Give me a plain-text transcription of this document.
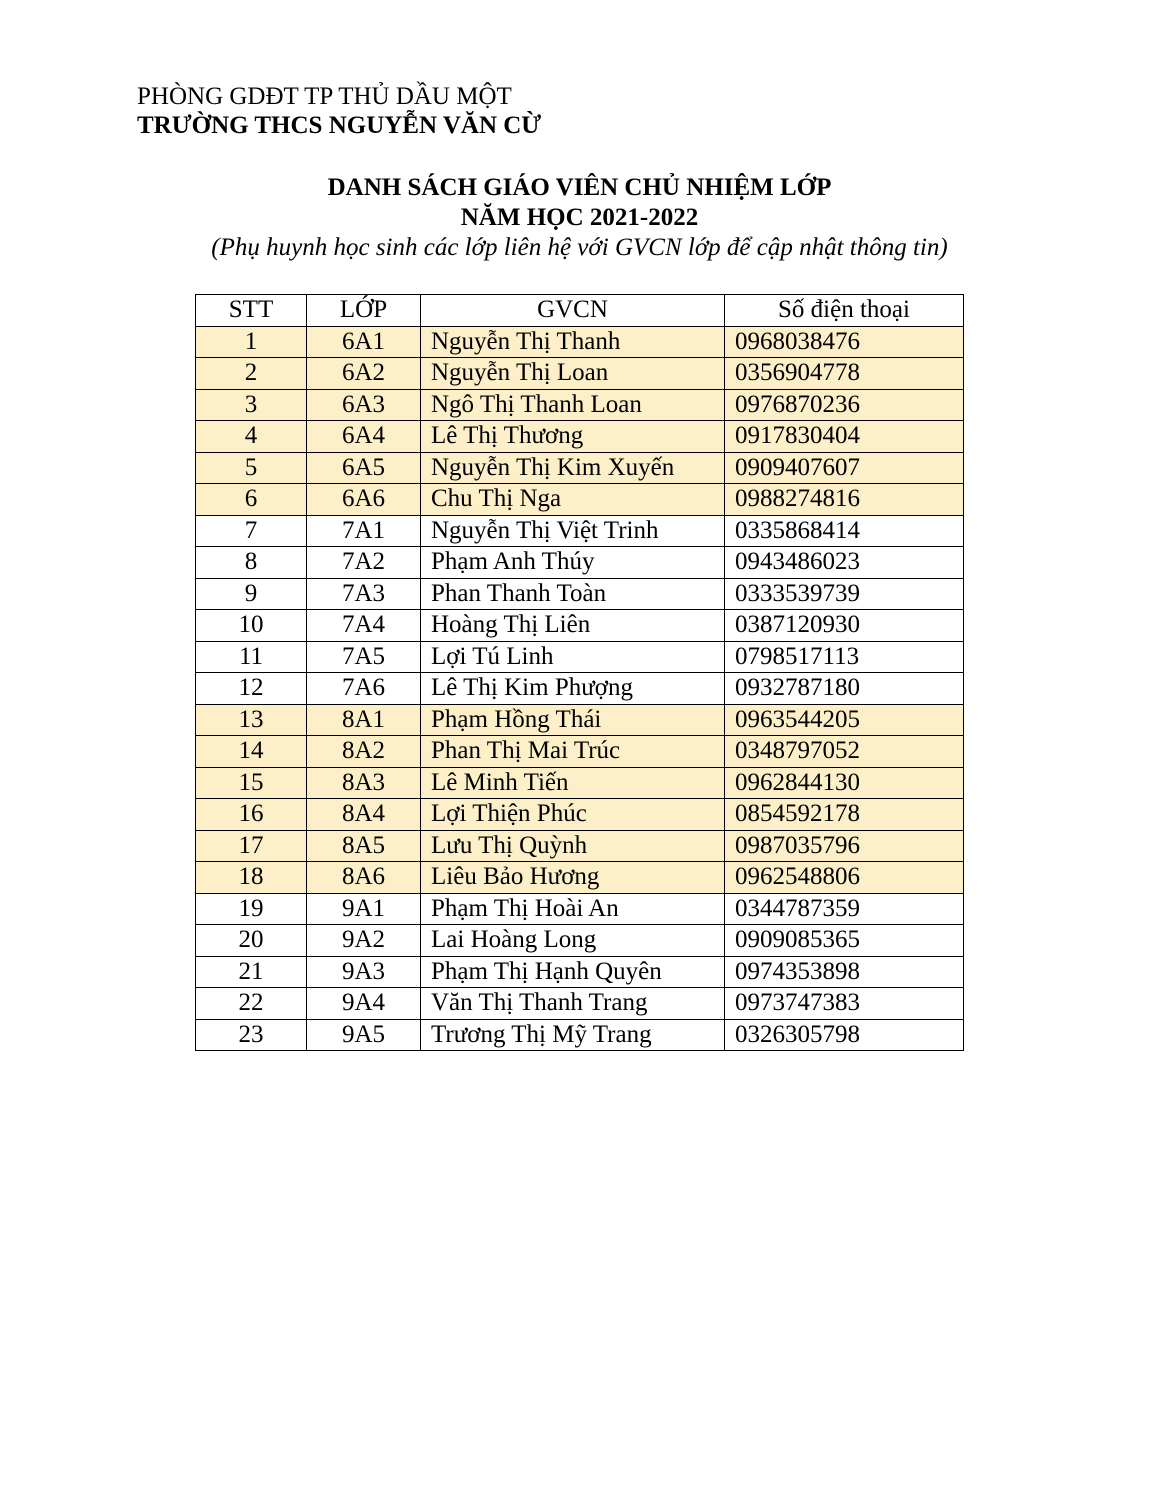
PHÒNG GDĐT TP THỦ DẦU MỘT
TRƯỜNG THCS NGUYỄN VĂN CỪ
DANH SÁCH GIÁO VIÊN CHỦ NHIỆM LỚP
NĂM HỌC 2021-2022
(Phụ huynh học sinh các lớp liên hệ với GVCN lớp để cập nhật thông tin)
STT	LỚP	GVCN	Số điện thoại
1	6A1	Nguyễn Thị Thanh	0968038476
2	6A2	Nguyễn Thị Loan	0356904778
3	6A3	Ngô Thị Thanh Loan	0976870236
4	6A4	Lê Thị Thương	0917830404
5	6A5	Nguyễn Thị Kim Xuyến	0909407607
6	6A6	Chu Thị Nga	0988274816
7	7A1	Nguyễn Thị Việt Trinh	0335868414
8	7A2	Phạm Anh Thúy	0943486023
9	7A3	Phan Thanh Toàn	0333539739
10	7A4	Hoàng Thị Liên	0387120930
11	7A5	Lợi Tú Linh	0798517113
12	7A6	Lê Thị Kim Phượng	0932787180
13	8A1	Phạm Hồng Thái	0963544205
14	8A2	Phan Thị Mai Trúc	0348797052
15	8A3	Lê Minh Tiến	0962844130
16	8A4	Lợi Thiện Phúc	0854592178
17	8A5	Lưu Thị Quỳnh	0987035796
18	8A6	Liêu Bảo Hương	0962548806
19	9A1	Phạm Thị Hoài An	0344787359
20	9A2	Lai Hoàng Long	0909085365
21	9A3	Phạm Thị Hạnh Quyên	0974353898
22	9A4	Văn Thị Thanh Trang	0973747383
23	9A5	Trương Thị Mỹ Trang	0326305798
